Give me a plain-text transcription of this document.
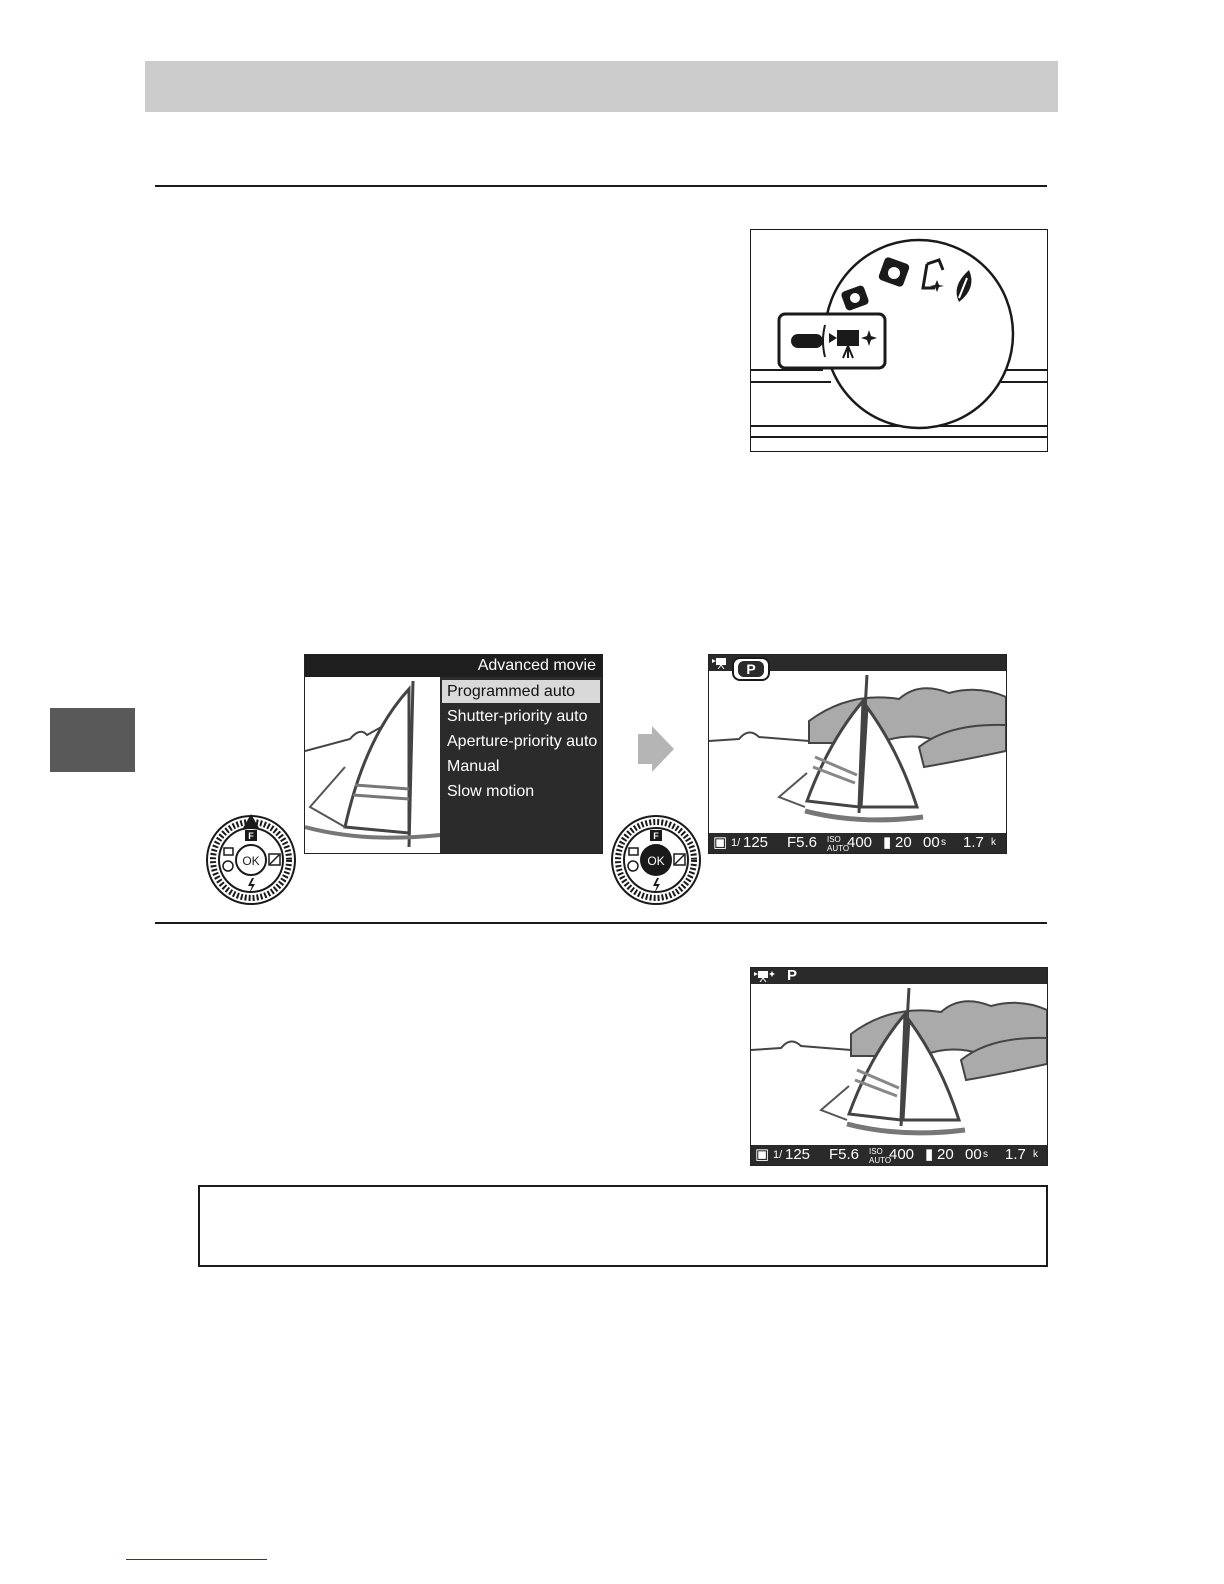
Advanced movie
Programmed auto
Shutter-priority auto
Aperture-priority auto
Manual
Slow motion
OK
F	▣ 1/ 125 F5.6 ISO
AUTO
400 ▮ 20 00 s 1.7 k
P
OK
F
P
▣ 1/ 125 F5.6 ISO
AUTO
400 ▮ 20 00 s 1.7 k
